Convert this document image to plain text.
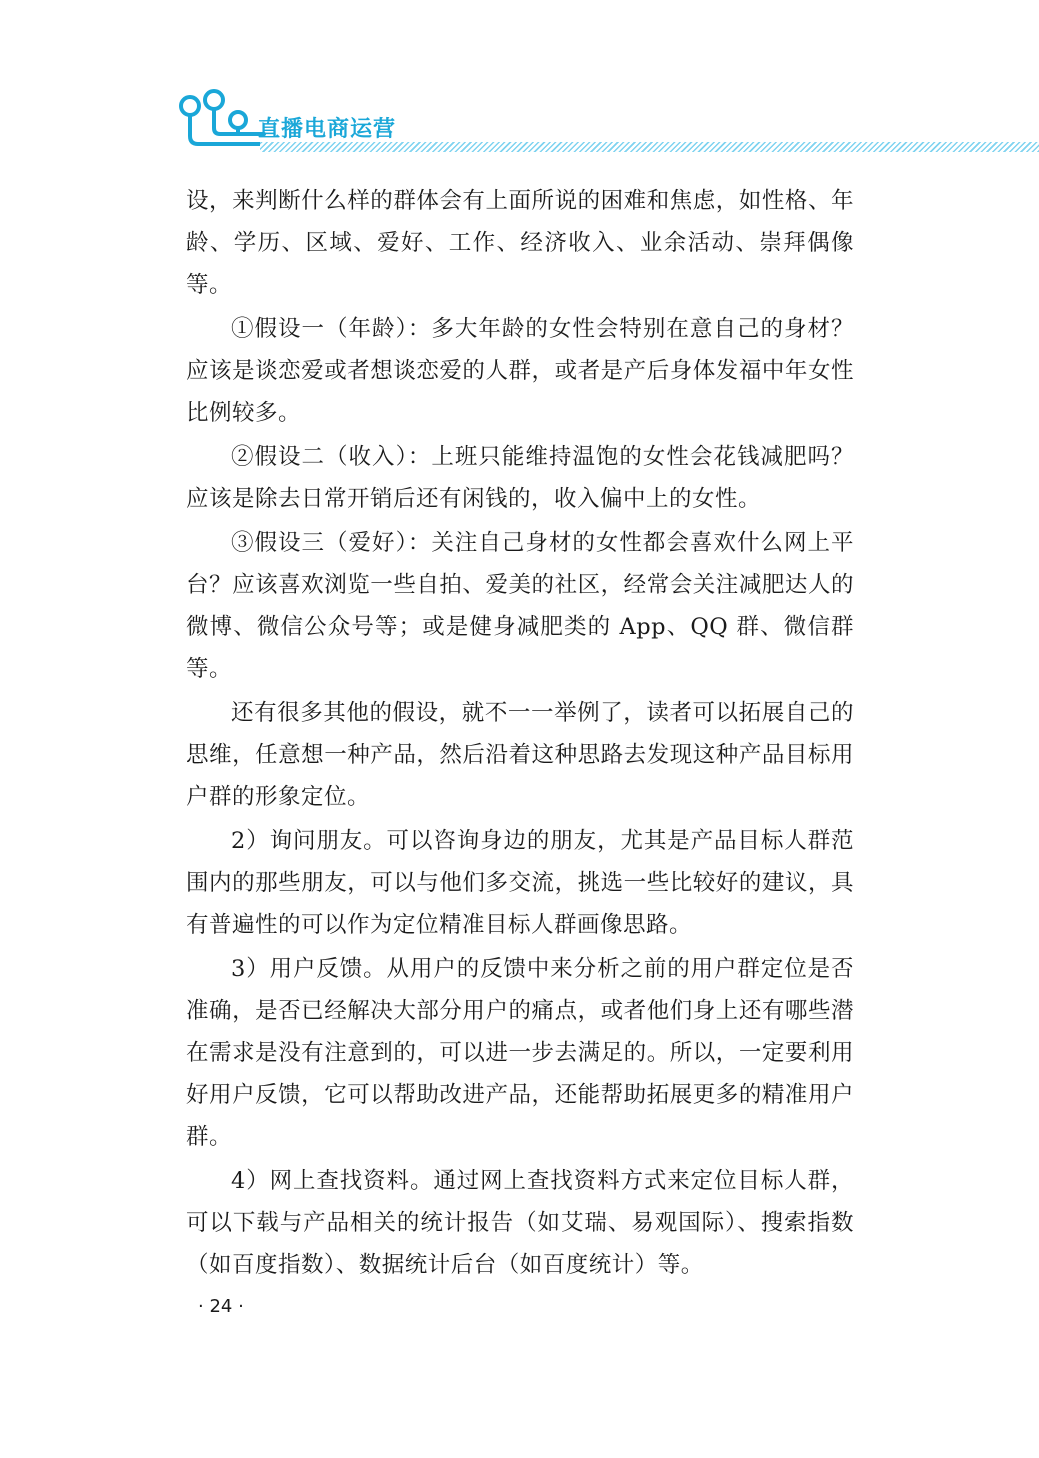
直播电商运营

设，来判断什么样的群体会有上面所说的困难和焦虑，如性格、年龄、学历、区域、爱好、工作、经济收入、业余活动、崇拜偶像等。

①假设一（年龄）：多大年龄的女性会特别在意自己的身材？应该是谈恋爱或者想谈恋爱的人群，或者是产后身体发福中年女性比例较多。

②假设二（收入）：上班只能维持温饱的女性会花钱减肥吗？应该是除去日常开销后还有闲钱的，收入偏中上的女性。

③假设三（爱好）：关注自己身材的女性都会喜欢什么网上平台？应该喜欢浏览一些自拍、爱美的社区，经常会关注减肥达人的微博、微信公众号等；或是健身减肥类的 App、QQ 群、微信群等。

还有很多其他的假设，就不一一举例了，读者可以拓展自己的思维，任意想一种产品，然后沿着这种思路去发现这种产品目标用户群的形象定位。

2）询问朋友。可以咨询身边的朋友，尤其是产品目标人群范围内的那些朋友，可以与他们多交流，挑选一些比较好的建议，具有普遍性的可以作为定位精准目标人群画像思路。

3）用户反馈。从用户的反馈中来分析之前的用户群定位是否准确，是否已经解决大部分用户的痛点，或者他们身上还有哪些潜在需求是没有注意到的，可以进一步去满足的。所以，一定要利用好用户反馈，它可以帮助改进产品，还能帮助拓展更多的精准用户群。

4）网上查找资料。通过网上查找资料方式来定位目标人群，可以下载与产品相关的统计报告（如艾瑞、易观国际）、搜索指数（如百度指数）、数据统计后台（如百度统计）等。

· 24 ·
